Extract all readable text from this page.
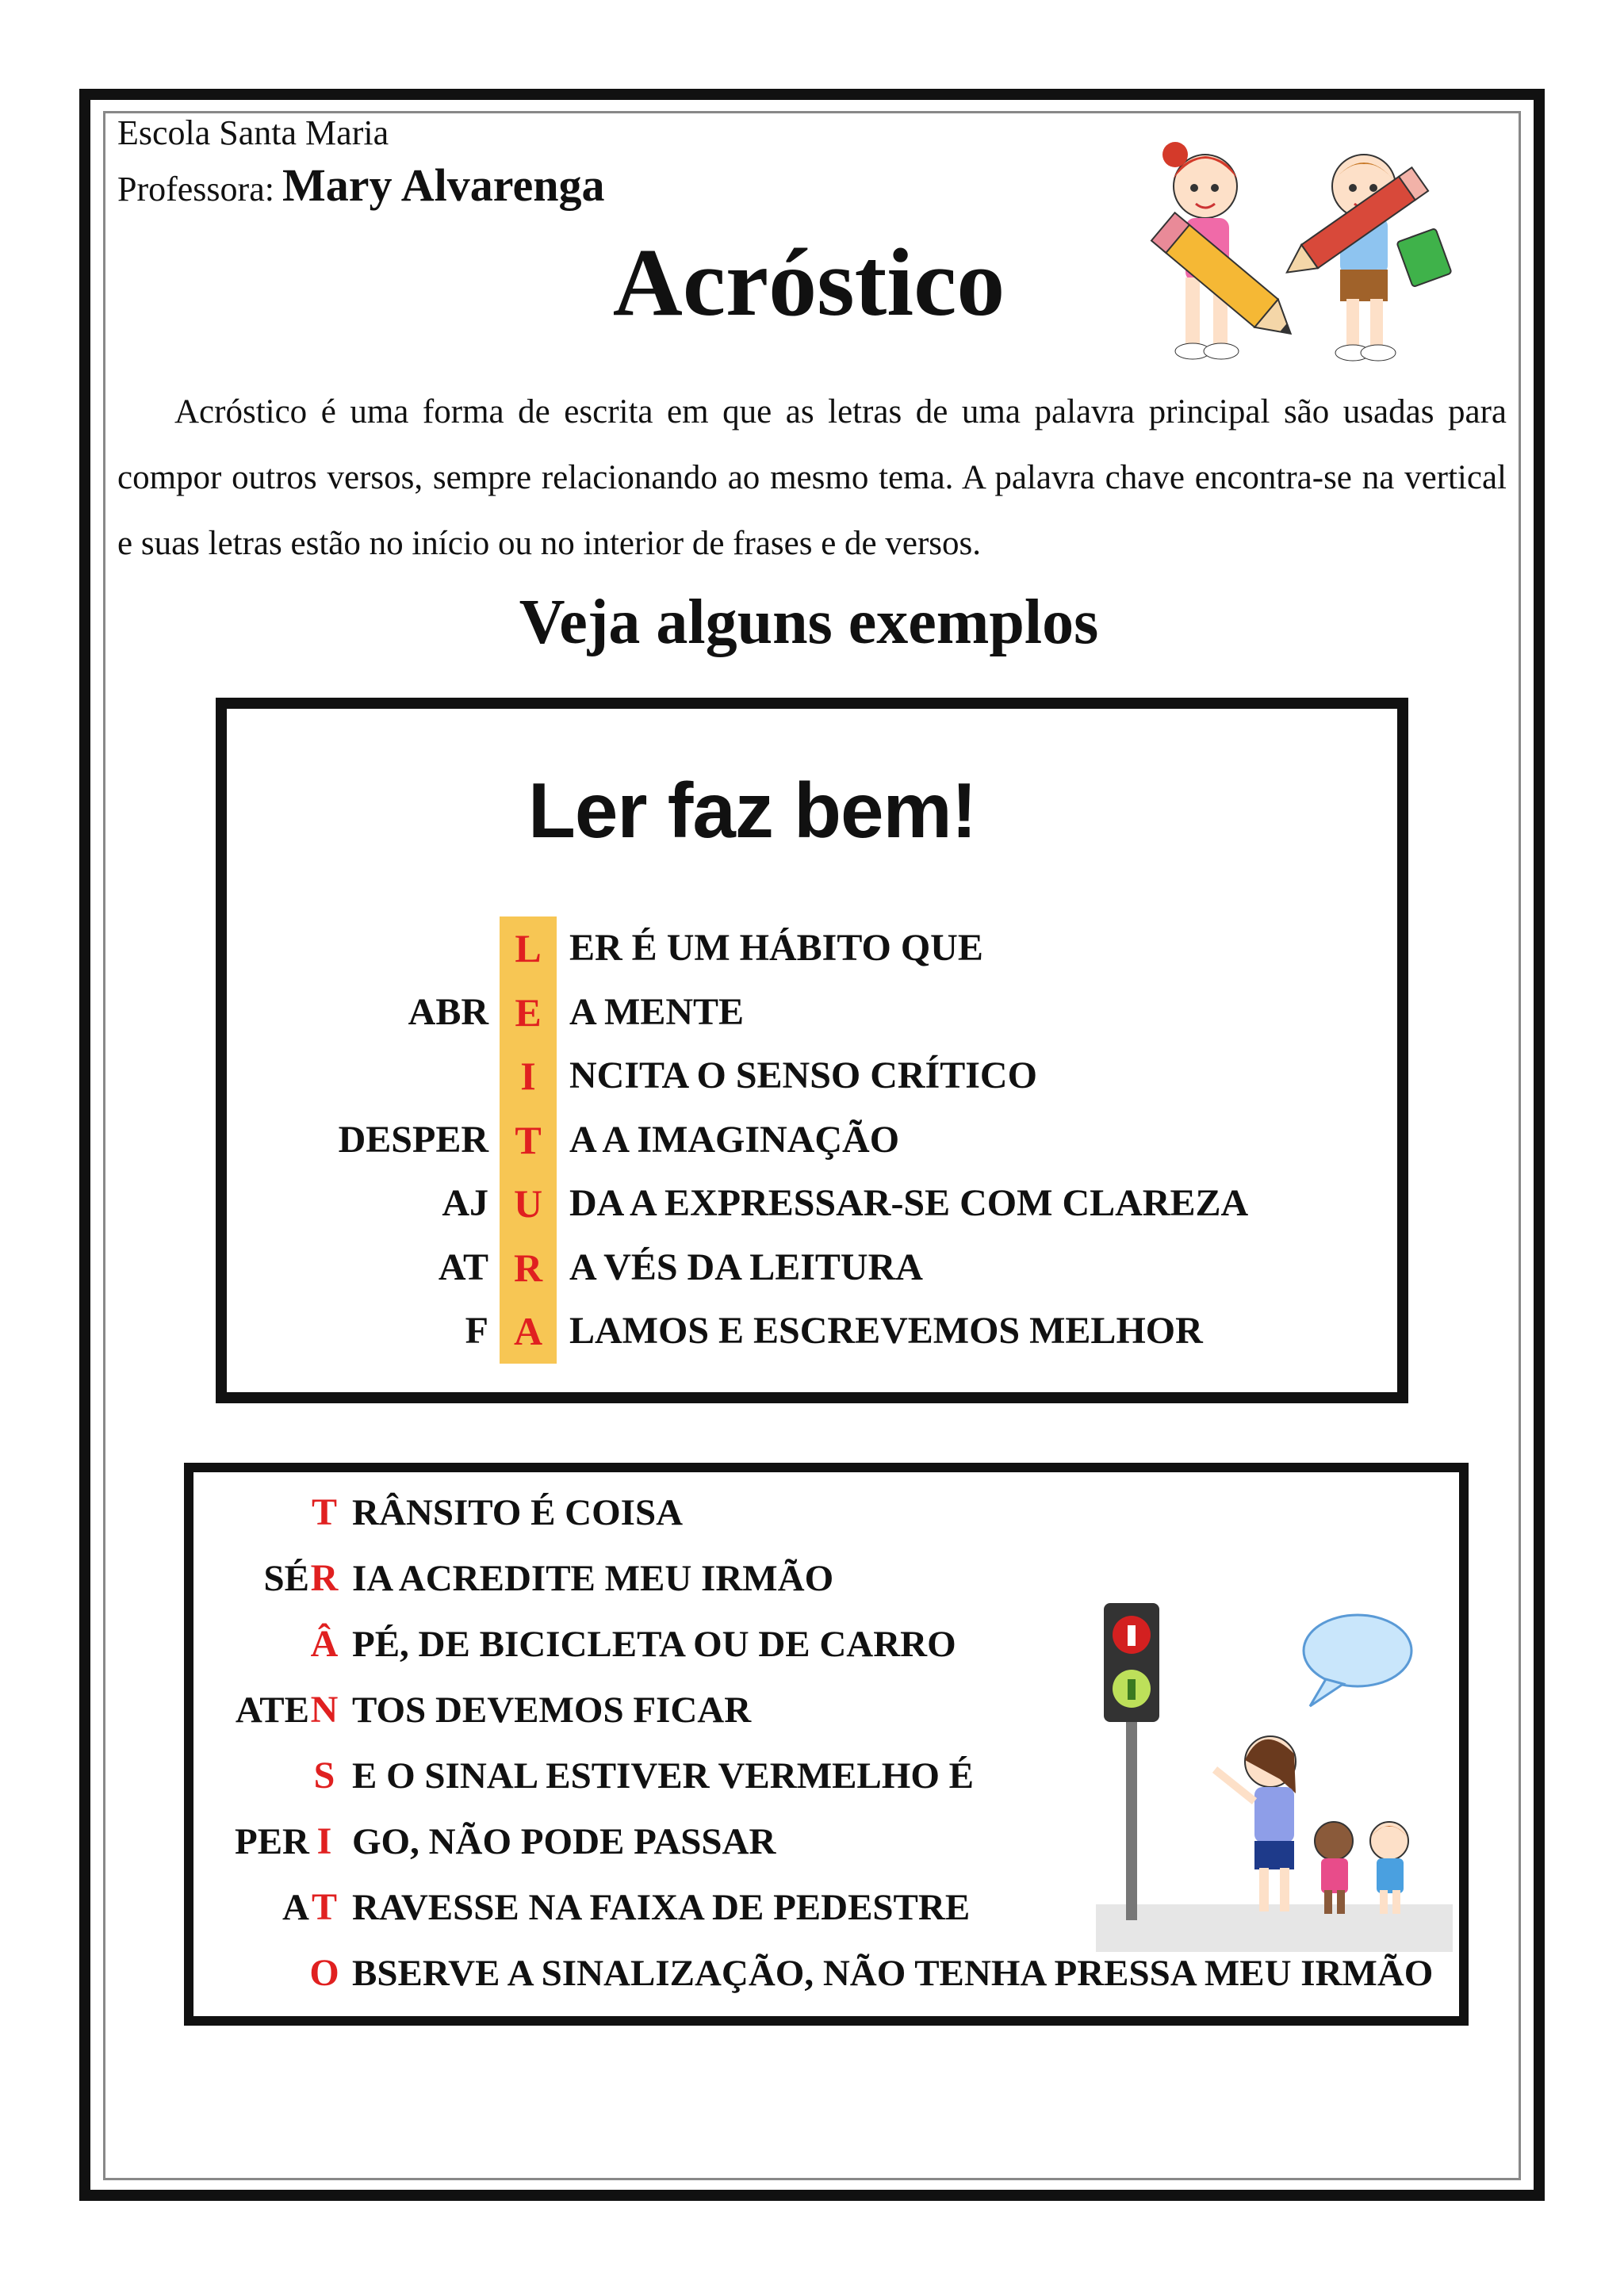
Escola Santa Maria
Professora: Mary Alvarenga
Acróstico
Acróstico é uma forma de escrita em que as letras de uma palavra principal são usadas para compor outros versos, sempre relacionando ao mesmo tema. A palavra chave encontra-se na vertical e suas letras estão no início ou no interior de frases e de versos.
Veja alguns exemplos
Ler faz bem!
L ER É UM HÁBITO QUE
ABR E A MENTE
I NCITA O SENSO CRÍTICO
DESPER T A A IMAGINAÇÃO
AJ U DA A EXPRESSAR-SE COM CLAREZA
AT R A VÉS DA LEITURA
F A LAMOS E ESCREVEMOS MELHOR
T RÂNSITO É COISA
SÉ R IA ACREDITE MEU IRMÃO
Â PÉ, DE BICICLETA OU DE CARRO
ATE N TOS DEVEMOS FICAR
S E O SINAL ESTIVER VERMELHO É
PER I GO, NÃO PODE PASSAR
A T RAVESSE NA FAIXA DE PEDESTRE
O BSERVE A SINALIZAÇÃO, NÃO TENHA PRESSA MEU IRMÃO
